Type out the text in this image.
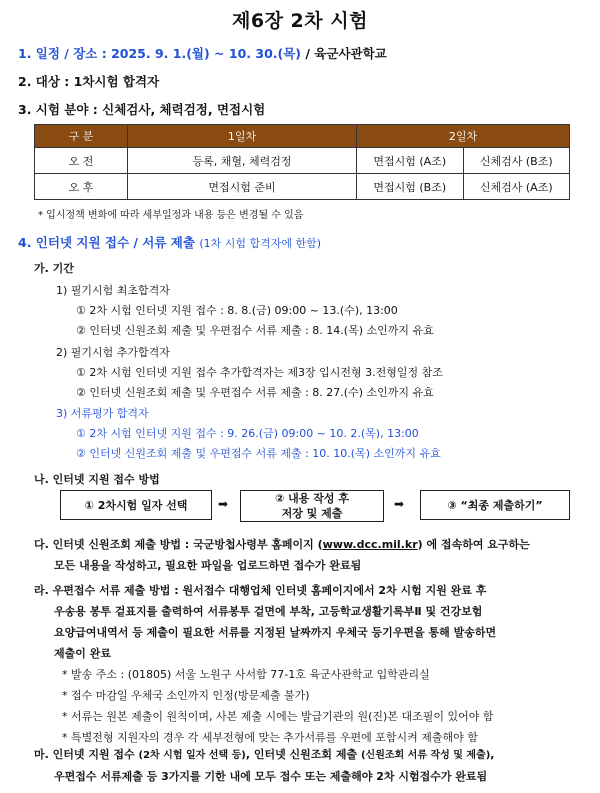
제6장 2차 시험
1. 일정 / 장소 : 2025. 9. 1.(월) ~ 10. 30.(목) / 육군사관학교
2. 대상 : 1차시험 합격자
3. 시험 분야 : 신체검사, 체력검정, 면접시험
구 분	1일차	2일차	
오 전	등록, 채혈, 체력검정	면접시험 (A조)	신체검사 (B조)
오 후	면접시험 준비	면접시험 (B조)	신체검사 (A조)
* 입시정책 변화에 따라 세부일정과 내용 등은 변경될 수 있음
4. 인터넷 지원 접수 / 서류 제출 (1차 시험 합격자에 한함)
가. 기간
1) 필기시험 최초합격자
① 2차 시험 인터넷 지원 접수 : 8. 8.(금) 09:00 ~ 13.(수), 13:00
② 인터넷 신원조회 제출 및 우편접수 서류 제출 : 8. 14.(목) 소인까지 유효
2) 필기시험 추가합격자
① 2차 시험 인터넷 지원 접수 추가합격자는 제3장 입시전형 3.전형일정 참조
② 인터넷 신원조회 제출 및 우편접수 서류 제출 : 8. 27.(수) 소인까지 유효
3) 서류평가 합격자
① 2차 시험 인터넷 지원 접수 : 9. 26.(금) 09:00 ~ 10. 2.(목), 13:00
② 인터넷 신원조회 제출 및 우편접수 서류 제출 : 10. 10.(목) 소인까지 유효
나. 인터넷 지원 접수 방법
① 2차시험 일자 선택	➡	② 내용 작성 후
저장 및 제출
➡	③ “최종 제출하기”
다. 인터넷 신원조회 제출 방법 : 국군방첩사령부 홈페이지 (www.dcc.mil.kr) 에 접속하여 요구하는
모든 내용을 작성하고, 필요한 파일을 업로드하면 접수가 완료됨
라. 우편접수 서류 제출 방법 : 원서접수 대행업체 인터넷 홈페이지에서 2차 시험 지원 완료 후
우송용 봉투 겉표지를 출력하여 서류봉투 겉면에 부착, 고등학교생활기록부Ⅱ 및 건강보험
요양급여내역서 등 제출이 필요한 서류를 지정된 날짜까지 우체국 등기우편을 통해 발송하면
제출이 완료
* 발송 주소 : (01805) 서울 노원구 사서함 77-1호 육군사관학교 입학관리실
* 접수 마감일 우체국 소인까지 인정(방문제출 불가)
* 서류는 원본 제출이 원칙이며, 사본 제출 시에는 발급기관의 원(진)본 대조필이 있어야 함
* 특별전형 지원자의 경우 각 세부전형에 맞는 추가서류를 우편에 포함시켜 제출해야 함
마. 인터넷 지원 접수 (2차 시험 일자 선택 등), 인터넷 신원조회 제출 (신원조회 서류 작성 및 제출),
우편접수 서류제출 등 3가지를 기한 내에 모두 접수 또는 제출해야 2차 시험접수가 완료됨
